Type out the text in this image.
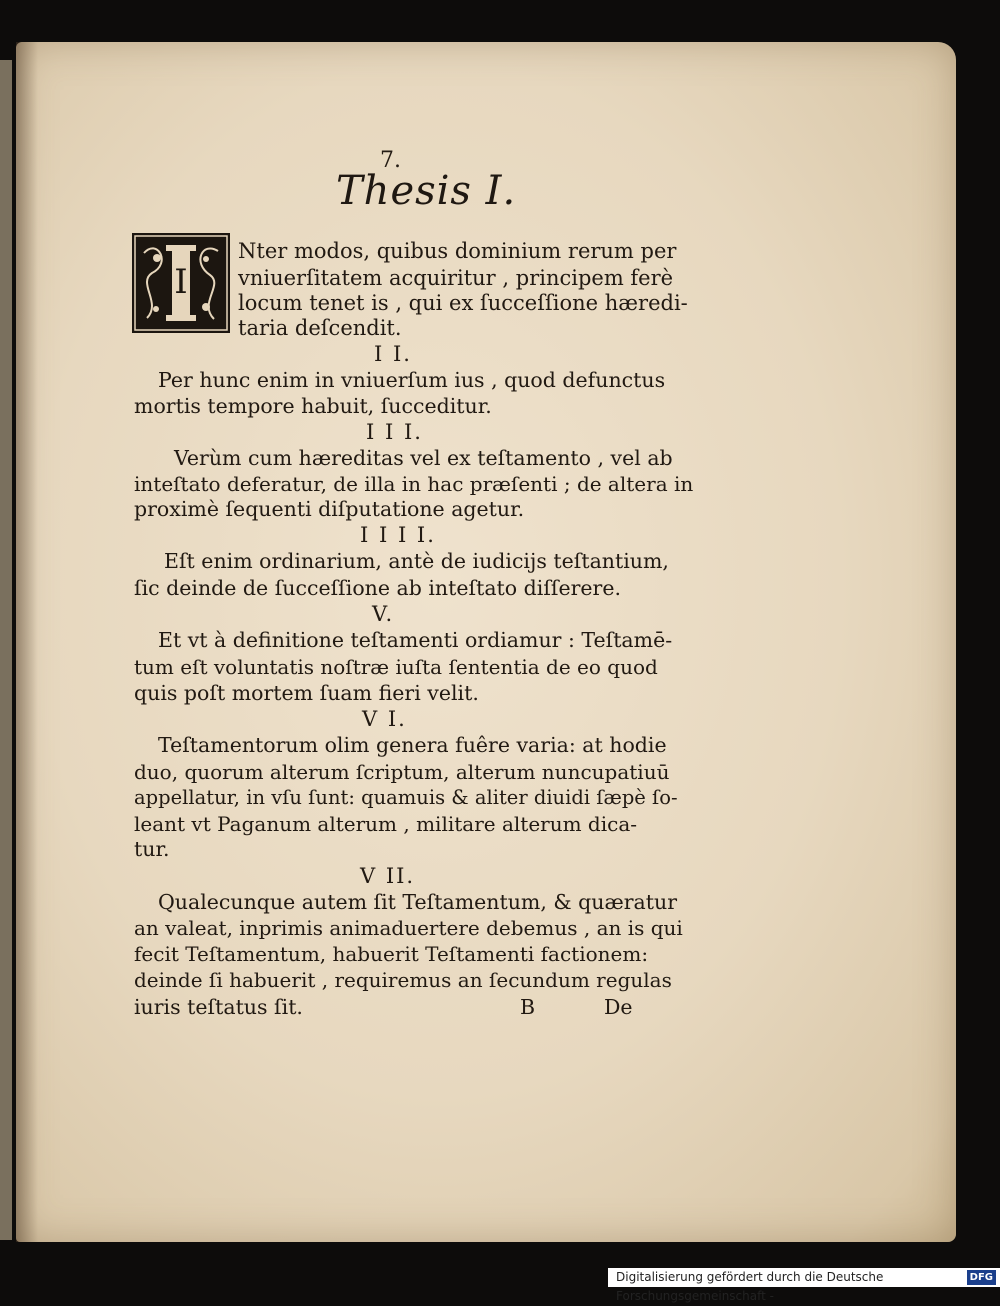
7.
Thesis I.
I
Nter modos, quibus dominium rerum per
vniuerſitatem acquiritur , principem ferè
locum tenet is , qui ex ſucceſſione hæredi-
taria deſcendit.
I I.
Per hunc enim in vniuerſum ius , quod defunctus
mortis tempore habuit, ſucceditur.
I I I.
Verùm cum hæreditas vel ex teſtamento , vel ab
inteſtato deferatur, de illa in hac præſenti ; de altera in
proximè ſequenti diſputatione agetur.
I I I I.
Eſt enim ordinarium, antè de iudicijs teſtantium,
ſic deinde de ſucceſſione ab inteſtato diſſerere.
V.
Et vt à definitione teſtamenti ordiamur : Teſtamē-
tum eſt voluntatis noſtræ iuſta ſententia de eo quod
quis poſt mortem ſuam fieri velit.
V I.
Teſtamentorum olim genera fuêre varia: at hodie
duo, quorum alterum ſcriptum, alterum nuncupatiuū
appellatur, in vſu ſunt: quamuis & aliter diuidi ſæpè ſo-
leant vt Paganum alterum , militare alterum dica-
tur.
V II.
Qualecunque autem ſit Teſtamentum, & quæratur
an valeat, inprimis animaduertere debemus , an is qui
fecit Teſtamentum, habuerit Teſtamenti factionem:
deinde ſi habuerit , requiremus an ſecundum regulas
iuris teſtatus ſit.	B	De
Digitalisierung gefördert durch die Deutsche Forschungsgemeinschaft -
DFG
